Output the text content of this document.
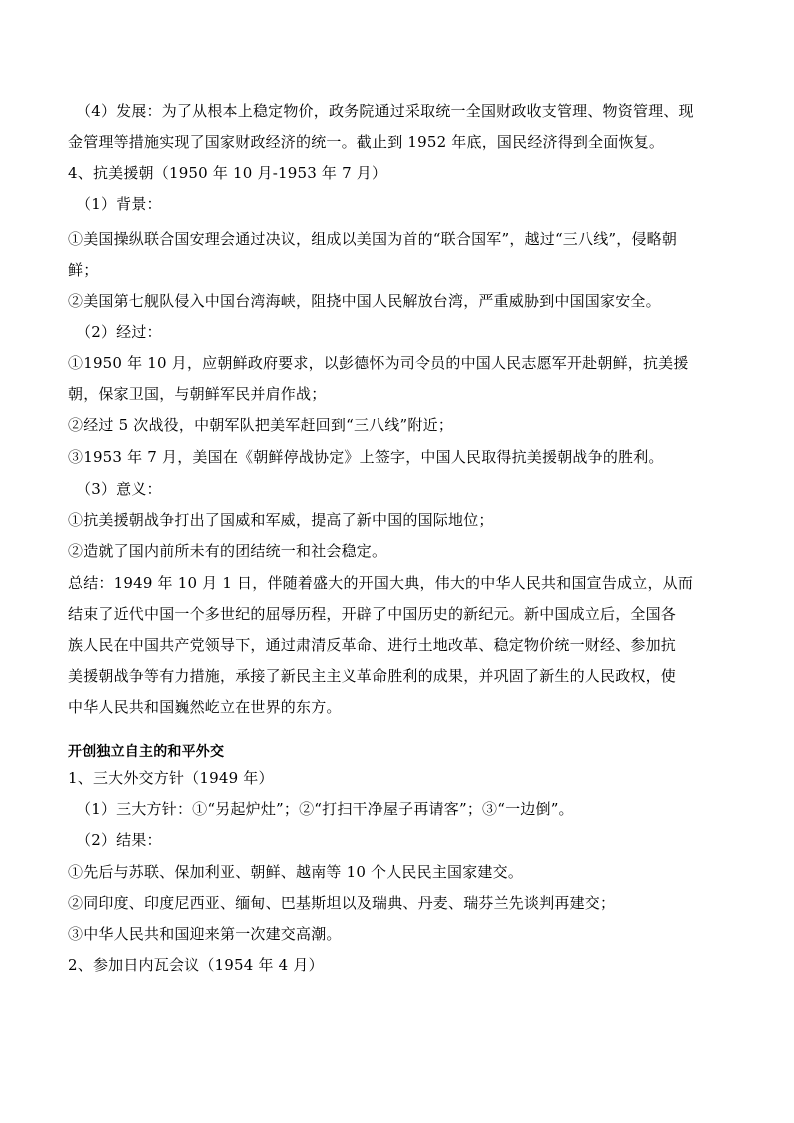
（4）发展：为了从根本上稳定物价，政务院通过采取统一全国财政收支管理、物资管理、现
金管理等措施实现了国家财政经济的统一。截止到 1952 年底，国民经济得到全面恢复。
4、抗美援朝（1950 年 10 月-1953 年 7 月）
（1）背景：
①美国操纵联合国安理会通过决议，组成以美国为首的“联合国军”，越过“三八线”，侵略朝
鲜；
②美国第七舰队侵入中国台湾海峡，阻挠中国人民解放台湾，严重威胁到中国国家安全。
（2）经过：
①1950 年 10 月，应朝鲜政府要求，以彭德怀为司令员的中国人民志愿军开赴朝鲜，抗美援
朝，保家卫国，与朝鲜军民并肩作战；
②经过 5 次战役，中朝军队把美军赶回到“三八线”附近；
③1953 年 7 月，美国在《朝鲜停战协定》上签字，中国人民取得抗美援朝战争的胜利。
（3）意义：
①抗美援朝战争打出了国威和军威，提高了新中国的国际地位；
②造就了国内前所未有的团结统一和社会稳定。
总结：1949 年 10 月 1 日，伴随着盛大的开国大典，伟大的中华人民共和国宣告成立，从而
结束了近代中国一个多世纪的屈辱历程，开辟了中国历史的新纪元。新中国成立后，全国各
族人民在中国共产党领导下，通过肃清反革命、进行土地改革、稳定物价统一财经、参加抗
美援朝战争等有力措施，承接了新民主主义革命胜利的成果，并巩固了新生的人民政权，使
中华人民共和国巍然屹立在世界的东方。
开创独立自主的和平外交
1、三大外交方针（1949 年）
（1）三大方针：①“另起炉灶”；②“打扫干净屋子再请客”；③“一边倒”。
（2）结果：
①先后与苏联、保加利亚、朝鲜、越南等 10 个人民民主国家建交。
②同印度、印度尼西亚、缅甸、巴基斯坦以及瑞典、丹麦、瑞芬兰先谈判再建交；
③中华人民共和国迎来第一次建交高潮。
2、参加日内瓦会议（1954 年 4 月）
